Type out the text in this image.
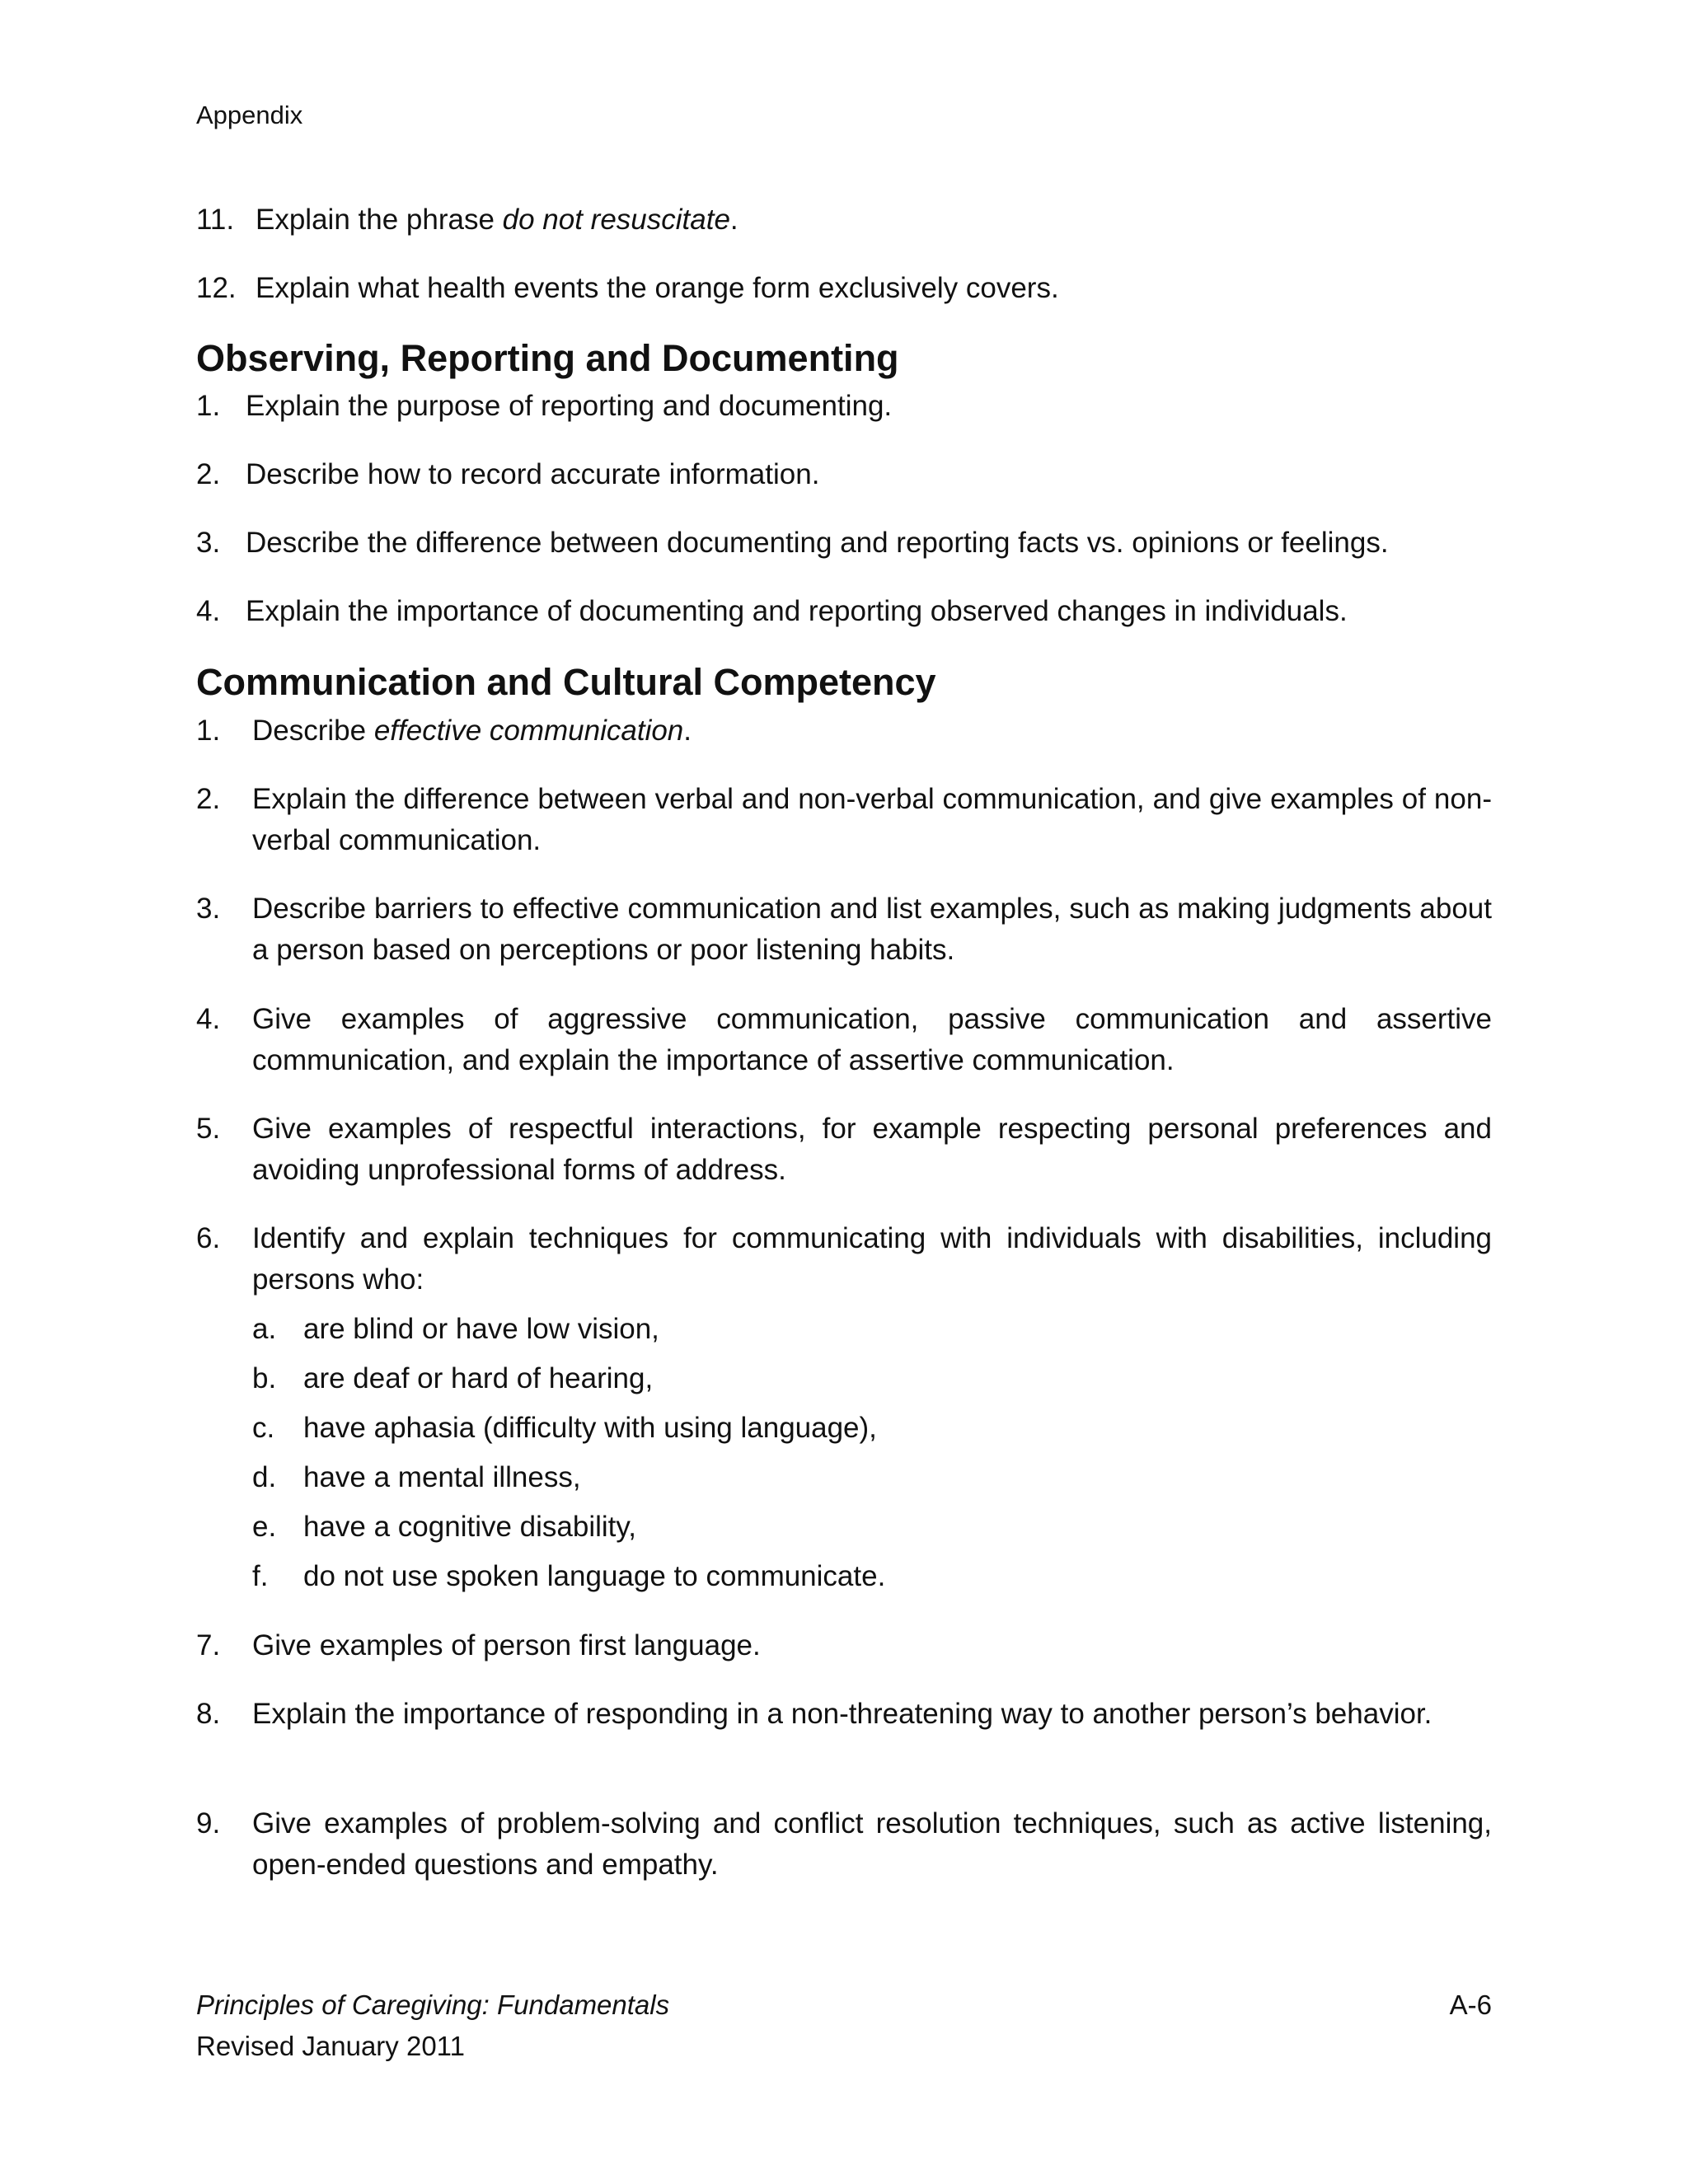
Appendix
11. Explain the phrase do not resuscitate.
12. Explain what health events the orange form exclusively covers.
Observing, Reporting and Documenting
1. Explain the purpose of reporting and documenting.
2. Describe how to record accurate information.
3. Describe the difference between documenting and reporting facts vs. opinions or feelings.
4. Explain the importance of documenting and reporting observed changes in individuals.
Communication and Cultural Competency
1. Describe effective communication.
2. Explain the difference between verbal and non-verbal communication, and give examples of non-verbal communication.
3. Describe barriers to effective communication and list examples, such as making judgments about a person based on perceptions or poor listening habits.
4. Give examples of aggressive communication, passive communication and assertive communication, and explain the importance of assertive communication.
5. Give examples of respectful interactions, for example respecting personal preferences and avoiding unprofessional forms of address.
6. Identify and explain techniques for communicating with individuals with disabilities, including persons who:
a. are blind or have low vision,
b. are deaf or hard of hearing,
c. have aphasia (difficulty with using language),
d. have a mental illness,
e. have a cognitive disability,
f. do not use spoken language to communicate.
7. Give examples of person first language.
8. Explain the importance of responding in a non-threatening way to another person’s behavior.
9. Give examples of problem-solving and conflict resolution techniques, such as active listening, open-ended questions and empathy.
Principles of Caregiving: Fundamentals
Revised January 2011
A-6
